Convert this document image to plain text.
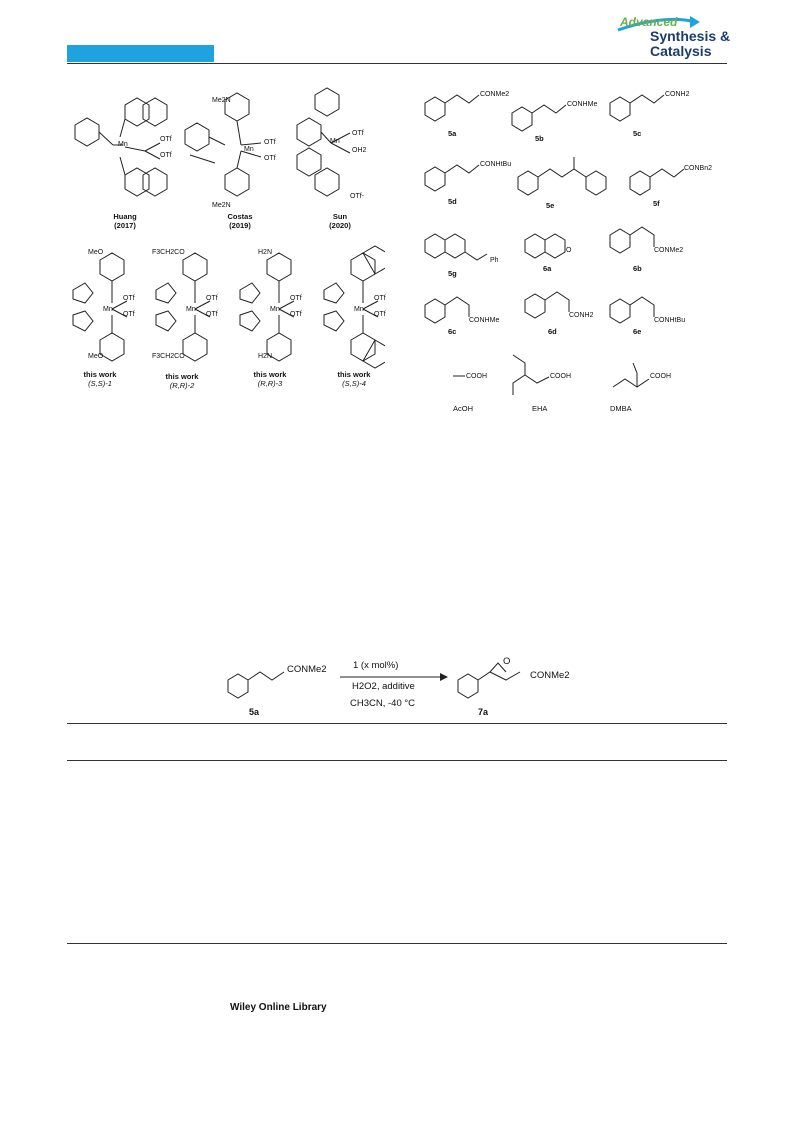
Advanced
Synthesis &
Catalysis
Mn
OTf
OTf
Me2N
Mn
OTf
OTf
Me2N
Mn
OTf
OH2
OTf-
MeO
Mn
OTf
OTf
MeO
F3CH2CO
Mn
OTf
OTf
F3CH2CO
H2N
Mn
OTf
OTf
H2N
Mn
OTf
OTf
Huang
(2017)
Costas
(2019)
Sun
(2020)
this work
(S,S)-1
this work
(R,R)-2
this work
(R,R)-3
this work
(S,S)-4
CONMe2
CONHMe
CONH2
CONHtBu
CONBn2
Ph
O	CONMe2
CONHMe
CONH2
CONHtBu
COOH	COOH	COOH
5a
5b
5c
5d	5e	5f
5g
6a	6b
6c	6d	6e
AcOH	EHA	DMBA
CONMe2
CONMe2
O
1 (x mol%)
H2O2, additive
CH3CN, -40 °C
5a	7a
Wiley Online Library
